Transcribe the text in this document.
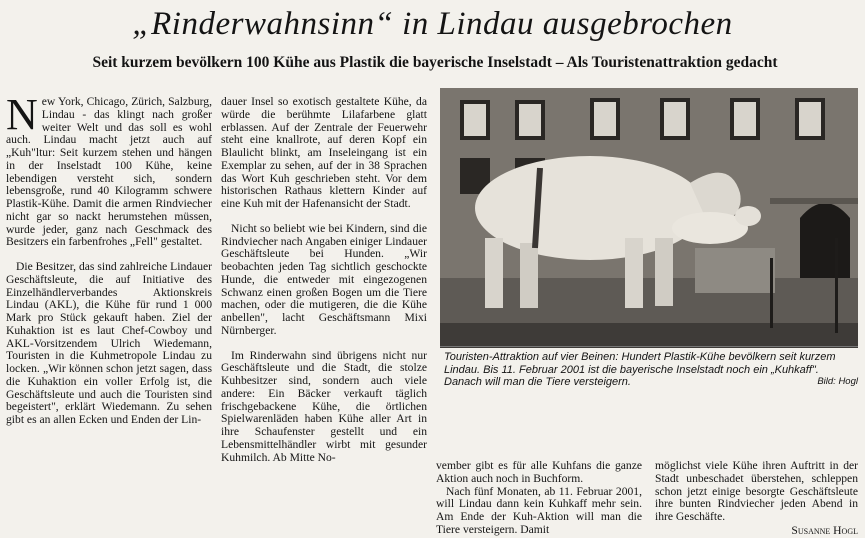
„Rinderwahnsinn“ in Lindau ausgebrochen
Seit kurzem bevölkern 100 Kühe aus Plastik die bayerische Inselstadt – Als Touristenattraktion gedacht

New York, Chicago, Zürich, Salzburg, Lindau - das klingt nach großer weiter Welt und das soll es wohl auch. Lindau macht jetzt auch auf „Kuh"ltur: Seit kurzem stehen und hängen in der Inselstadt 100 Kühe, keine lebendigen versteht sich, sondern lebensgroße, rund 40 Kilogramm schwere Plastik-Kühe. Damit die armen Rindviecher nicht gar so nackt herumstehen müssen, wurde jeder, ganz nach Geschmack des Besitzers ein farbenfrohes „Fell" gestaltet.

Die Besitzer, das sind zahlreiche Lindauer Geschäftsleute, die auf Initiative des Einzelhändlerverbandes Aktionskreis Lindau (AKL), die Kühe für rund 1 000 Mark pro Stück gekauft haben. Ziel der Kuhaktion ist es laut Chef-Cowboy und AKL-Vorsitzendem Ulrich Wiedemann, Touristen in die Kuhmetropole Lindau zu locken. „Wir können schon jetzt sagen, dass die Kuhaktion ein voller Erfolg ist, die Geschäftsleute und auch die Touristen sind begeistert", erklärt Wiedemann. Zu sehen gibt es an allen Ecken und Enden der Lin-

dauer Insel so exotisch gestaltete Kühe, da würde die berühmte Lilafarbene glatt erblassen. Auf der Zentrale der Feuerwehr steht eine knallrote, auf deren Kopf ein Blaulicht blinkt, am Inseleingang ist ein Exemplar zu sehen, auf der in 38 Sprachen das Wort Kuh geschrieben steht. Vor dem historischen Rathaus klettern Kinder auf eine Kuh mit der Hafenansicht der Stadt.

Nicht so beliebt wie bei Kindern, sind die Rindviecher nach Angaben einiger Lindauer Geschäftsleute bei Hunden. „Wir beobachten jeden Tag sichtlich geschockte Hunde, die entweder mit eingezogenen Schwanz einen großen Bogen um die Tiere machen, oder die mutigeren, die die Kühe anbellen", lacht Geschäftsmann Mixi Nürnberger.

Im Rinderwahn sind übrigens nicht nur Geschäftsleute und die Stadt, die stolze Kuhbesitzer sind, sondern auch viele andere: Ein Bäcker verkauft täglich frischgebackene Kühe, die örtlichen Spielwarenläden haben Kühe aller Art in ihre Schaufenster gestellt und ein Lebensmittelhändler wirbt mit gesunder Kuhmilch. Ab Mitte No-

Touristen-Attraktion auf vier Beinen: Hundert Plastik-Kühe bevölkern seit kurzem Lindau. Bis 11. Februar 2001 ist die bayerische Inselstadt noch ein „Kuhkaff". Danach will man die Tiere versteigern.	Bild: Hogl

vember gibt es für alle Kuhfans die ganze Aktion auch noch in Buchform.

Nach fünf Monaten, ab 11. Februar 2001, will Lindau dann kein Kuhkaff mehr sein. Am Ende der Kuh-Aktion will man die Tiere versteigern. Damit

möglichst viele Kühe ihren Auftritt in der Stadt unbeschadet überstehen, schleppen schon jetzt einige besorgte Geschäftsleute ihre bunten Rindviecher jeden Abend in ihre Geschäfte.

Susanne Hogl
